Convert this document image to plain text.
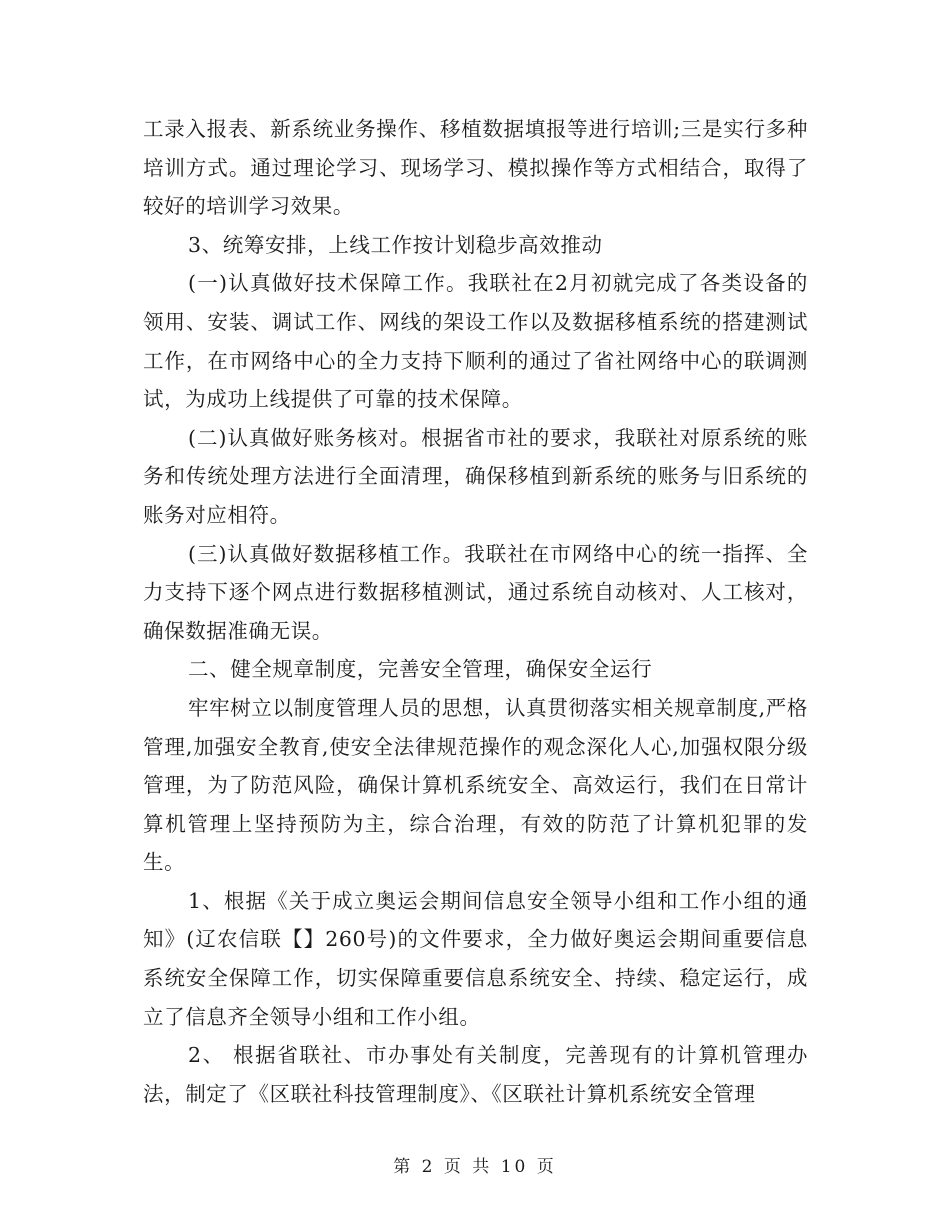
工录入报表、新系统业务操作、移植数据填报等进行培训;三是实行多种培训方式。通过理论学习、现场学习、模拟操作等方式相结合，取得了较好的培训学习效果。

3、统筹安排，上线工作按计划稳步高效推动

(一)认真做好技术保障工作。我联社在2月初就完成了各类设备的领用、安装、调试工作、网线的架设工作以及数据移植系统的搭建测试工作，在市网络中心的全力支持下顺利的通过了省社网络中心的联调测试，为成功上线提供了可靠的技术保障。

(二)认真做好账务核对。根据省市社的要求，我联社对原系统的账务和传统处理方法进行全面清理，确保移植到新系统的账务与旧系统的账务对应相符。

(三)认真做好数据移植工作。我联社在市网络中心的统一指挥、全力支持下逐个网点进行数据移植测试，通过系统自动核对、人工核对，确保数据准确无误。

二、健全规章制度，完善安全管理，确保安全运行

牢牢树立以制度管理人员的思想，认真贯彻落实相关规章制度,严格管理,加强安全教育,使安全法律规范操作的观念深化人心,加强权限分级管理，为了防范风险，确保计算机系统安全、高效运行，我们在日常计算机管理上坚持预防为主，综合治理，有效的防范了计算机犯罪的发生。

1、根据《关于成立奥运会期间信息安全领导小组和工作小组的通知》(辽农信联【】260号)的文件要求，全力做好奥运会期间重要信息系统安全保障工作，切实保障重要信息系统安全、持续、稳定运行，成立了信息齐全领导小组和工作小组。

2、 根据省联社、市办事处有关制度，完善现有的计算机管理办法，制定了《区联社科技管理制度》、《区联社计算机系统安全管理

第 2 页 共 10 页
